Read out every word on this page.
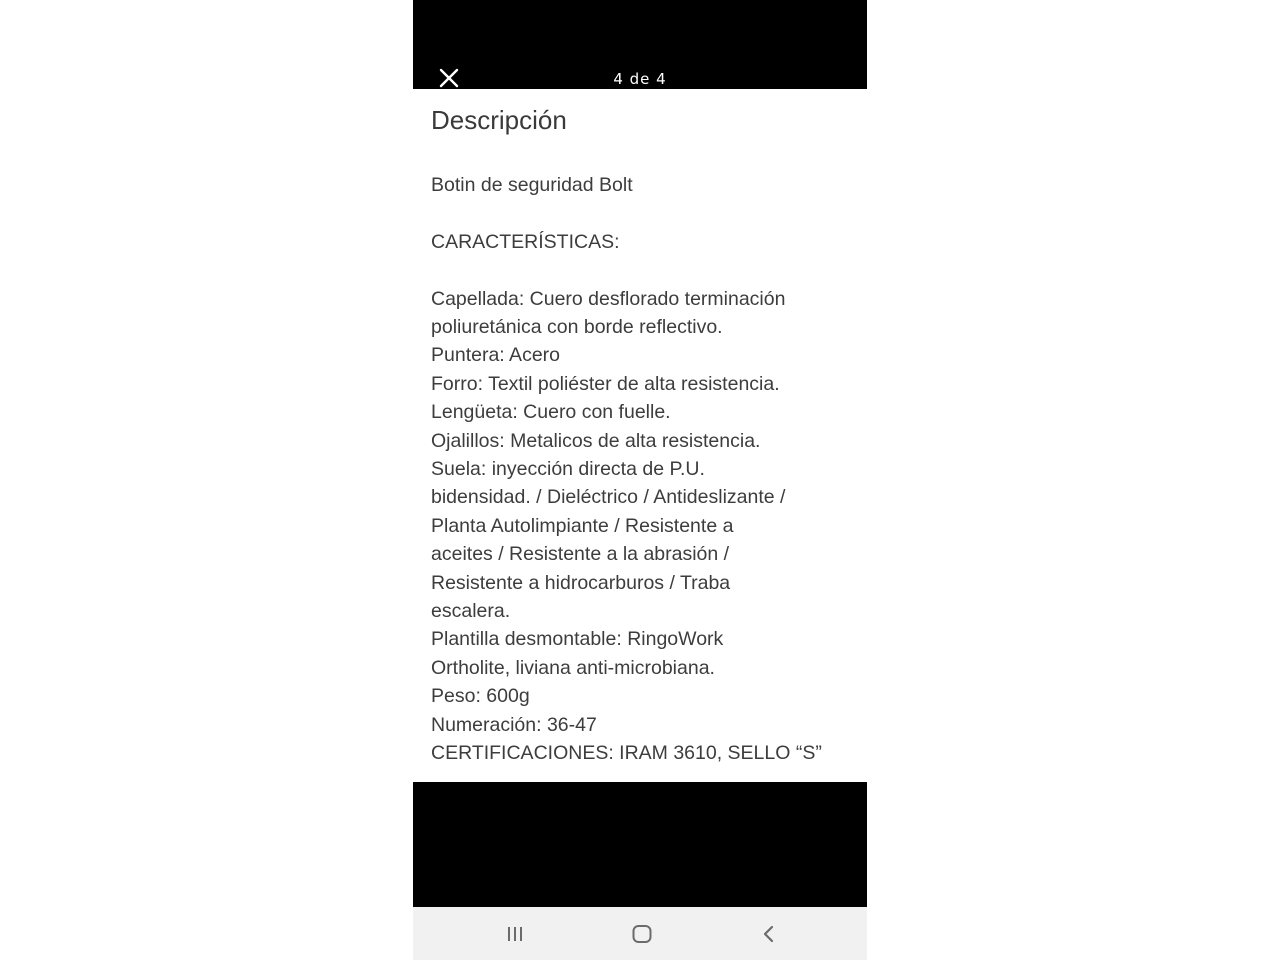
4 de 4
Descripción
Botin de seguridad Bolt
CARACTERÍSTICAS:
Capellada: Cuero desflorado terminación
poliuretánica con borde reflectivo.
Puntera: Acero
Forro: Textil poliéster de alta resistencia.
Lengüeta: Cuero con fuelle.
Ojalillos: Metalicos de alta resistencia.
Suela: inyección directa de P.U.
bidensidad. / Dieléctrico / Antideslizante /
Planta Autolimpiante / Resistente a
aceites / Resistente a la abrasión /
Resistente a hidrocarburos / Traba
escalera.
Plantilla desmontable: RingoWork
Ortholite, liviana anti-microbiana.
Peso: 600g
Numeración: 36-47
CERTIFICACIONES: IRAM 3610, SELLO “S”
